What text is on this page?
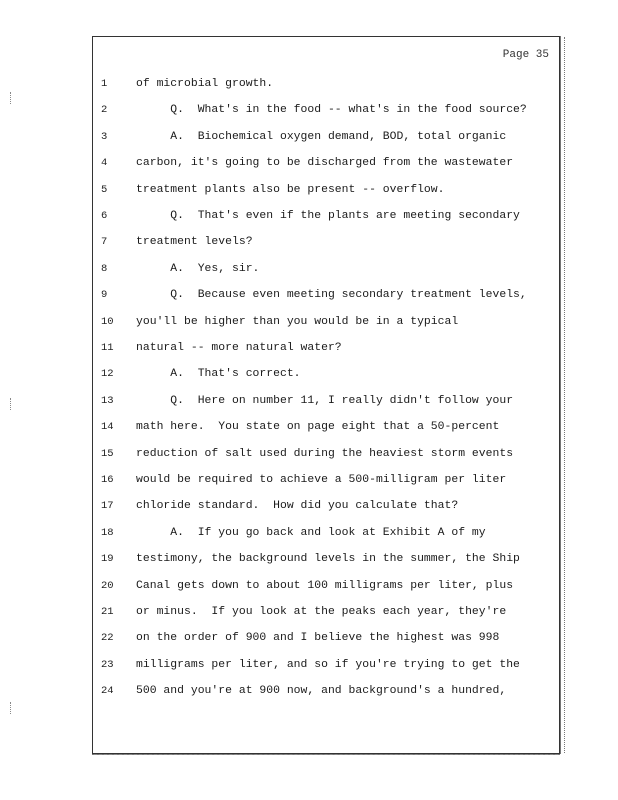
Page 35
1	of microbial growth.
2	Q.  What's in the food -- what's in the food source?
3	A.  Biochemical oxygen demand, BOD, total organic
4	carbon, it's going to be discharged from the wastewater
5	treatment plants also be present -- overflow.
6	Q.  That's even if the plants are meeting secondary
7	treatment levels?
8	A.  Yes, sir.
9	Q.  Because even meeting secondary treatment levels,
10	you'll be higher than you would be in a typical
11	natural -- more natural water?
12	A.  That's correct.
13	Q.  Here on number 11, I really didn't follow your
14	math here.  You state on page eight that a 50-percent
15	reduction of salt used during the heaviest storm events
16	would be required to achieve a 500-milligram per liter
17	chloride standard.  How did you calculate that?
18	A.  If you go back and look at Exhibit A of my
19	testimony, the background levels in the summer, the Ship
20	Canal gets down to about 100 milligrams per liter, plus
21	or minus.  If you look at the peaks each year, they're
22	on the order of 900 and I believe the highest was 998
23	milligrams per liter, and so if you're trying to get the
24	500 and you're at 900 now, and background's a hundred,
